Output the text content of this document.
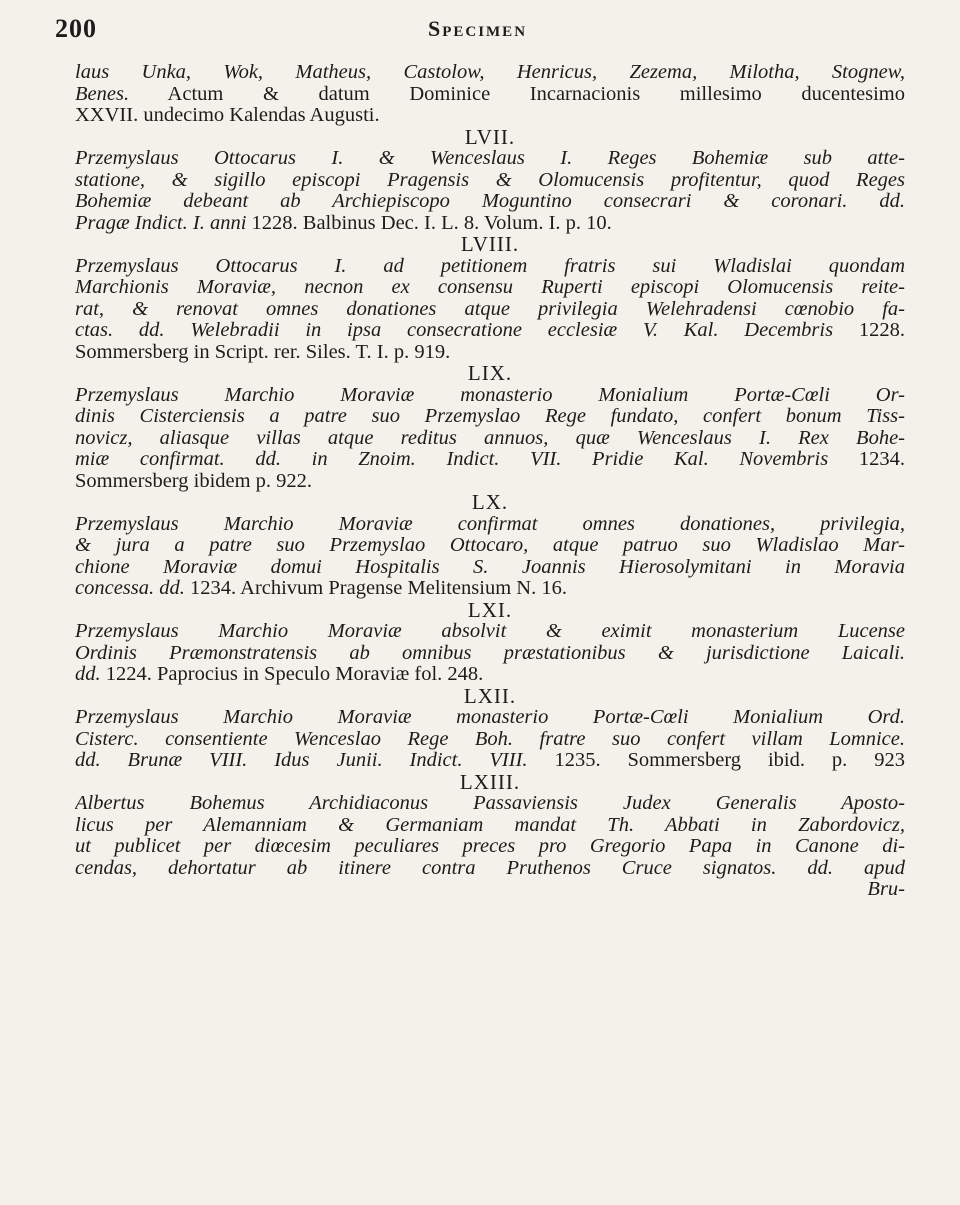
200	Specimen
laus Unka, Wok, Matheus, Castolow, Henricus, Zezema, Milotha, Stognew,
Benes. Actum & datum Dominice Incarnacionis millesimo ducentesimo
XXVII. undecimo Kalendas Augusti.
LVII.
Przemyslaus Ottocarus I. & Wenceslaus I. Reges Bohemiæ sub atte-
statione, & sigillo episcopi Pragensis & Olomucensis profitentur, quod Reges
Bohemiæ debeant ab Archiepiscopo Moguntino consecrari & coronari. dd.
Pragæ Indict. I. anni 1228. Balbinus Dec. I. L. 8. Volum. I. p. 10.
LVIII.
Przemyslaus Ottocarus I. ad petitionem fratris sui Wladislai quondam
Marchionis Moraviæ, necnon ex consensu Ruperti episcopi Olomucensis reite-
rat, & renovat omnes donationes atque privilegia Welehradensi cœnobio fa-
ctas. dd. Welebradii in ipsa consecratione ecclesiæ V. Kal. Decembris 1228.
Sommersberg in Script. rer. Siles. T. I. p. 919.
LIX.
Przemyslaus Marchio Moraviæ monasterio Monialium Portæ-Cœli Or-
dinis Cisterciensis a patre suo Przemyslao Rege fundato, confert bonum Tiss-
novicz, aliasque villas atque reditus annuos, quæ Wenceslaus I. Rex Bohe-
miæ confirmat. dd. in Znoim. Indict. VII. Pridie Kal. Novembris 1234.
Sommersberg ibidem p. 922.
LX.
Przemyslaus Marchio Moraviæ confirmat omnes donationes, privilegia,
& jura a patre suo Przemyslao Ottocaro, atque patruo suo Wladislao Mar-
chione Moraviæ domui Hospitalis S. Joannis Hierosolymitani in Moravia
concessa. dd. 1234. Archivum Pragense Melitensium N. 16.
LXI.
Przemyslaus Marchio Moraviæ absolvit & eximit monasterium Lucense
Ordinis Præmonstratensis ab omnibus præstationibus & jurisdictione Laicali.
dd. 1224. Paprocius in Speculo Moraviæ fol. 248.
LXII.
Przemyslaus Marchio Moraviæ monasterio Portæ-Cœli Monialium Ord.
Cisterc. consentiente Wenceslao Rege Boh. fratre suo confert villam Lomnice.
dd. Brunæ VIII. Idus Junii. Indict. VIII. 1235. Sommersberg ibid. p. 923
LXIII.
Albertus Bohemus Archidiaconus Passaviensis Judex Generalis Aposto-
licus per Alemanniam & Germaniam mandat Th. Abbati in Zabordovicz,
ut publicet per diœcesim peculiares preces pro Gregorio Papa in Canone di-
cendas, dehortatur ab itinere contra Pruthenos Cruce signatos. dd. apud
Bru-
